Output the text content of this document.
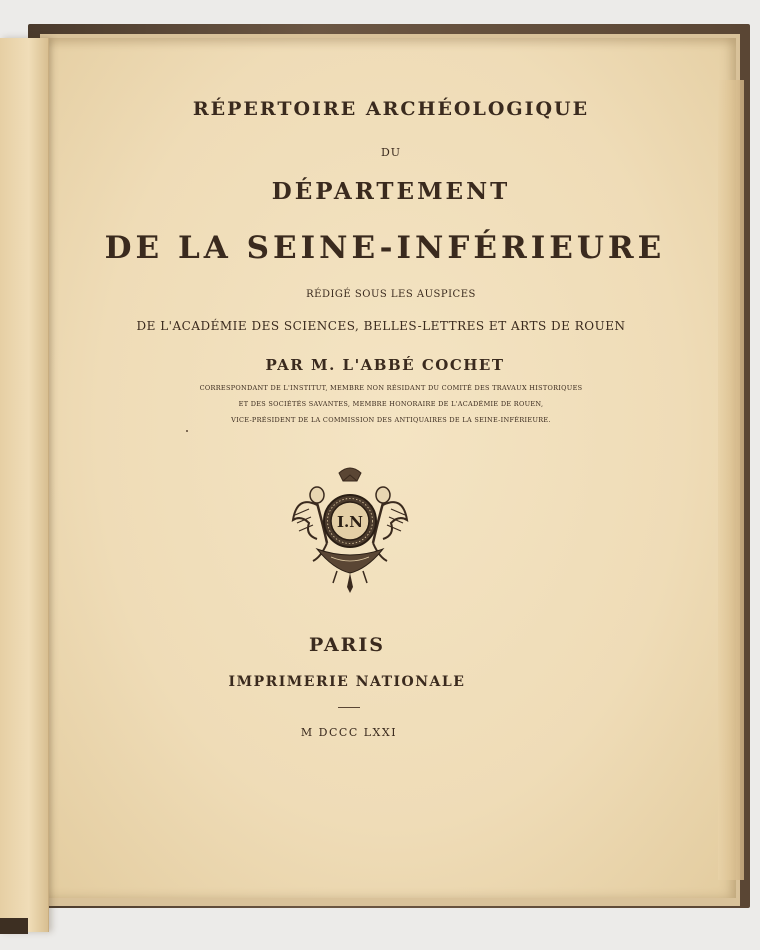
RÉPERTOIRE ARCHÉOLOGIQUE

DU

DÉPARTEMENT

DE LA SEINE-INFÉRIEURE

RÉDIGÉ SOUS LES AUSPICES

DE L'ACADÉMIE DES SCIENCES, BELLES-LETTRES ET ARTS DE ROUEN

PAR M. L'ABBÉ COCHET

CORRESPONDANT DE L'INSTITUT, MEMBRE NON RÉSIDANT DU COMITÉ DES TRAVAUX HISTORIQUES

ET DES SOCIÉTÉS SAVANTES, MEMBRE HONORAIRE DE L'ACADÉMIE DE ROUEN,

VICE-PRÉSIDENT DE LA COMMISSION DES ANTIQUAIRES DE LA SEINE-INFÉRIEURE.

I.N

PARIS

IMPRIMERIE NATIONALE

M DCCC LXXI
